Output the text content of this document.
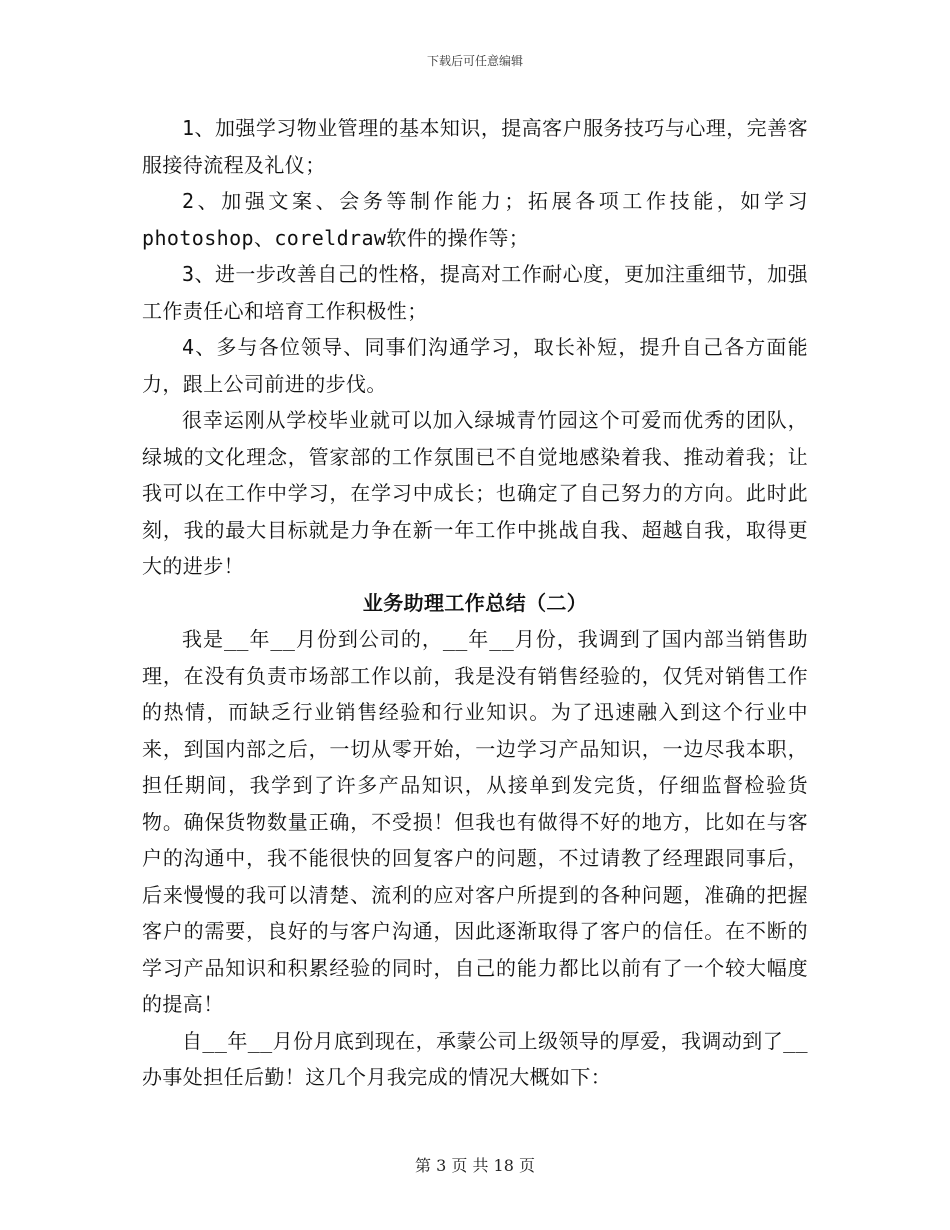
下载后可任意编辑

1、加强学习物业管理的基本知识，提高客户服务技巧与心理，完善客服接待流程及礼仪；

2、加强文案、会务等制作能力；拓展各项工作技能，如学习photoshop、coreldraw软件的操作等；

3、进一步改善自己的性格，提高对工作耐心度，更加注重细节，加强工作责任心和培育工作积极性；

4、多与各位领导、同事们沟通学习，取长补短，提升自己各方面能力，跟上公司前进的步伐。

很幸运刚从学校毕业就可以加入绿城青竹园这个可爱而优秀的团队，绿城的文化理念，管家部的工作氛围已不自觉地感染着我、推动着我；让我可以在工作中学习，在学习中成长；也确定了自己努力的方向。此时此刻，我的最大目标就是力争在新一年工作中挑战自我、超越自我，取得更大的进步！

业务助理工作总结（二）

我是__年__月份到公司的，__年__月份，我调到了国内部当销售助理，在没有负责市场部工作以前，我是没有销售经验的，仅凭对销售工作的热情，而缺乏行业销售经验和行业知识。为了迅速融入到这个行业中来，到国内部之后，一切从零开始，一边学习产品知识，一边尽我本职，担任期间，我学到了许多产品知识，从接单到发完货，仔细监督检验货物。确保货物数量正确，不受损！但我也有做得不好的地方，比如在与客户的沟通中，我不能很快的回复客户的问题，不过请教了经理跟同事后，后来慢慢的我可以清楚、流利的应对客户所提到的各种问题，准确的把握客户的需要，良好的与客户沟通，因此逐渐取得了客户的信任。在不断的学习产品知识和积累经验的同时，自己的能力都比以前有了一个较大幅度的提高！

自__年__月份月底到现在，承蒙公司上级领导的厚爱，我调动到了__办事处担任后勤！这几个月我完成的情况大概如下：

第 3 页 共 18 页
